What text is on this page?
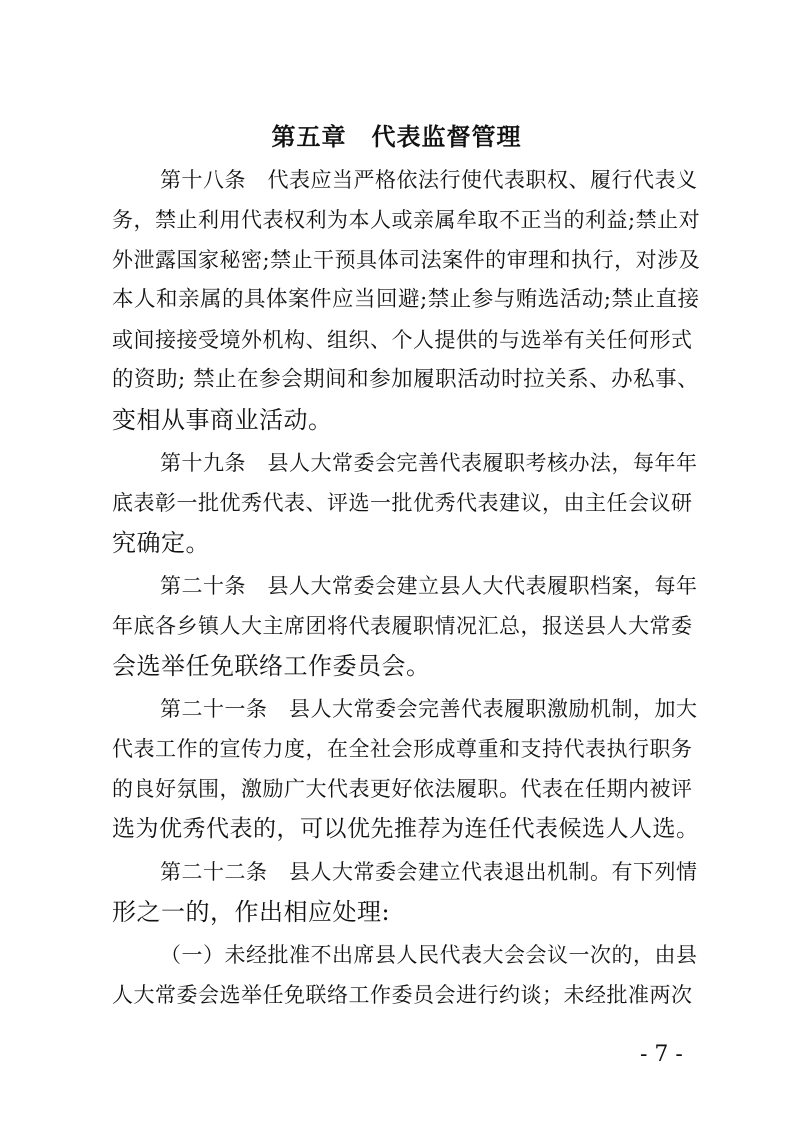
第五章　代表监督管理
第十八条　代表应当严格依法行使代表职权、履行代表义
务，禁止利用代表权利为本人或亲属牟取不正当的利益;禁止对
外泄露国家秘密;禁止干预具体司法案件的审理和执行，对涉及
本人和亲属的具体案件应当回避;禁止参与贿选活动;禁止直接
或间接接受境外机构、组织、个人提供的与选举有关任何形式
的资助; 禁止在参会期间和参加履职活动时拉关系、办私事、
变相从事商业活动。
第十九条　县人大常委会完善代表履职考核办法，每年年
底表彰一批优秀代表、评选一批优秀代表建议，由主任会议研
究确定。
第二十条　县人大常委会建立县人大代表履职档案，每年
年底各乡镇人大主席团将代表履职情况汇总，报送县人大常委
会选举任免联络工作委员会。
第二十一条　县人大常委会完善代表履职激励机制，加大
代表工作的宣传力度，在全社会形成尊重和支持代表执行职务
的良好氛围，激励广大代表更好依法履职。代表在任期内被评
选为优秀代表的，可以优先推荐为连任代表候选人人选。
第二十二条　县人大常委会建立代表退出机制。有下列情
形之一的，作出相应处理:
（一）未经批准不出席县人民代表大会会议一次的，由县
人大常委会选举任免联络工作委员会进行约谈；未经批准两次
- 7 -
